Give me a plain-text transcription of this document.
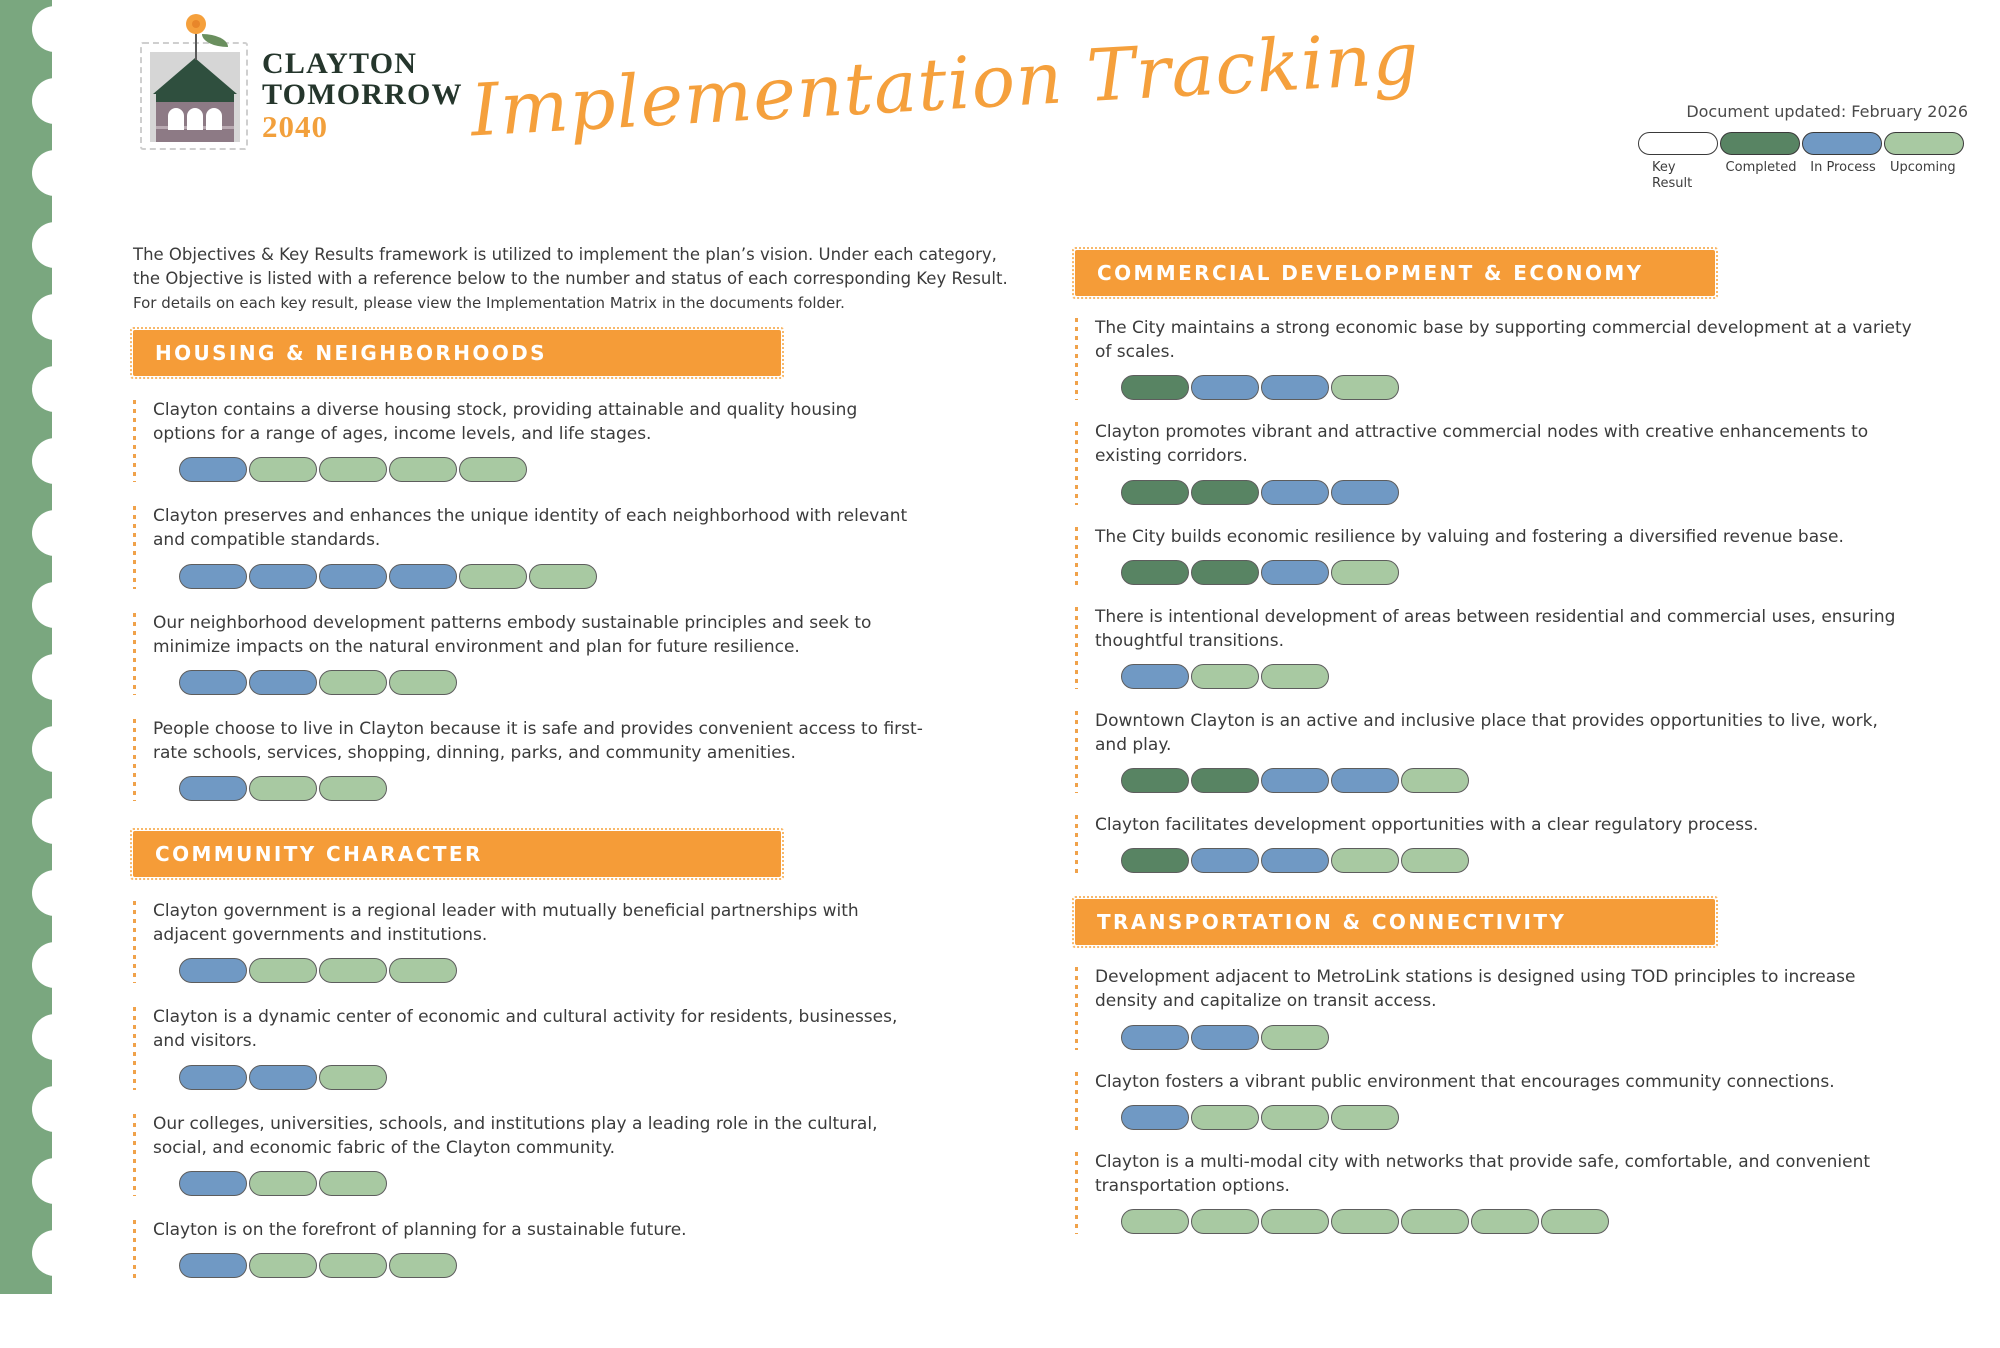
CLAYTON
TOMORROW
2040	Implementation Tracking	Document updated: February 2026
Key
Result
Completed	In Process	Upcoming
The Objectives & Key Results framework is utilized to implement the plan’s vision. Under each category,
the Objective is listed with a reference below to the number and status of each corresponding Key Result.
For details on each key result, please view the Implementation Matrix in the documents folder.
HOUSING & NEIGHBORHOODS
Clayton contains a diverse housing stock, providing attainable and quality housing options for a range of ages, income levels, and life stages.
Clayton preserves and enhances the unique identity of each neighborhood with relevant and compatible standards.
Our neighborhood development patterns embody sustainable principles and seek to minimize impacts on the natural environment and plan for future resilience.
People choose to live in Clayton because it is safe and provides convenient access to first-rate schools, services, shopping, dinning, parks, and community amenities.
COMMUNITY CHARACTER
Clayton government is a regional leader with mutually beneficial partnerships with adjacent governments and institutions.
Clayton is a dynamic center of economic and cultural activity for residents, businesses, and visitors.
Our colleges, universities, schools, and institutions play a leading role in the cultural, social, and economic fabric of the Clayton community.
Clayton is on the forefront of planning for a sustainable future.
COMMERCIAL DEVELOPMENT & ECONOMY
The City maintains a strong economic base by supporting commercial development at a variety of scales.
Clayton promotes vibrant and attractive commercial nodes with creative enhancements to existing corridors.
The City builds economic resilience by valuing and fostering a diversified revenue base.
There is intentional development of areas between residential and commercial uses, ensuring thoughtful transitions.
Downtown Clayton is an active and inclusive place that provides opportunities to live, work, and play.
Clayton facilitates development opportunities with a clear regulatory process.
TRANSPORTATION & CONNECTIVITY
Development adjacent to MetroLink stations is designed using TOD principles to increase density and capitalize on transit access.
Clayton fosters a vibrant public environment that encourages community connections.
Clayton is a multi-modal city with networks that provide safe, comfortable, and convenient transportation options.
